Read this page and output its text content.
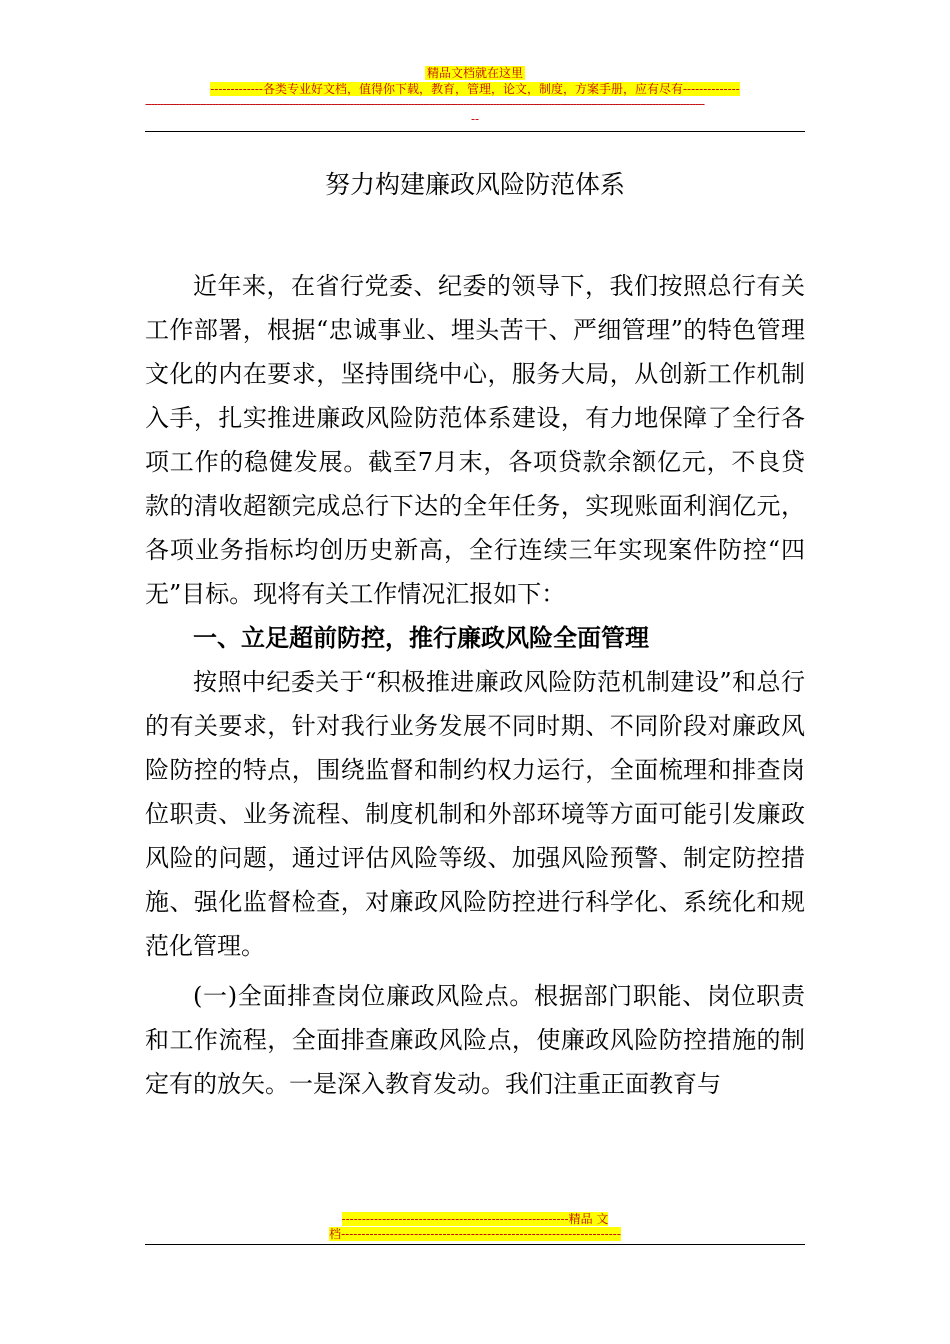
精品文档就在这里
-------------各类专业好文档，值得你下载，教育，管理，论文，制度，方案手册，应有尽有--------------
---------------------------------------------------------------------------------------------------------------------------------------------------------------------------------------
--
努力构建廉政风险防范体系

近年来，在省行党委、纪委的领导下，我们按照总行有关工作部署，根据“忠诚事业、埋头苦干、严细管理”的特色管理文化的内在要求，坚持围绕中心，服务大局，从创新工作机制入手，扎实推进廉政风险防范体系建设，有力地保障了全行各项工作的稳健发展。截至7月末，各项贷款余额亿元，不良贷款的清收超额完成总行下达的全年任务，实现账面利润亿元，各项业务指标均创历史新高，全行连续三年实现案件防控“四无”目标。现将有关工作情况汇报如下：

一、立足超前防控，推行廉政风险全面管理

按照中纪委关于“积极推进廉政风险防范机制建设”和总行的有关要求，针对我行业务发展不同时期、不同阶段对廉政风险防控的特点，围绕监督和制约权力运行，全面梳理和排查岗位职责、业务流程、制度机制和外部环境等方面可能引发廉政风险的问题，通过评估风险等级、加强风险预警、制定防控措施、强化监督检查，对廉政风险防控进行科学化、系统化和规范化管理。

(一)全面排查岗位廉政风险点。根据部门职能、岗位职责和工作流程，全面排查廉政风险点，使廉政风险防控措施的制定有的放矢。一是深入教育发动。我们注重正面教育与

--------------------------------------------------------精品 文
档---------------------------------------------------------------------
